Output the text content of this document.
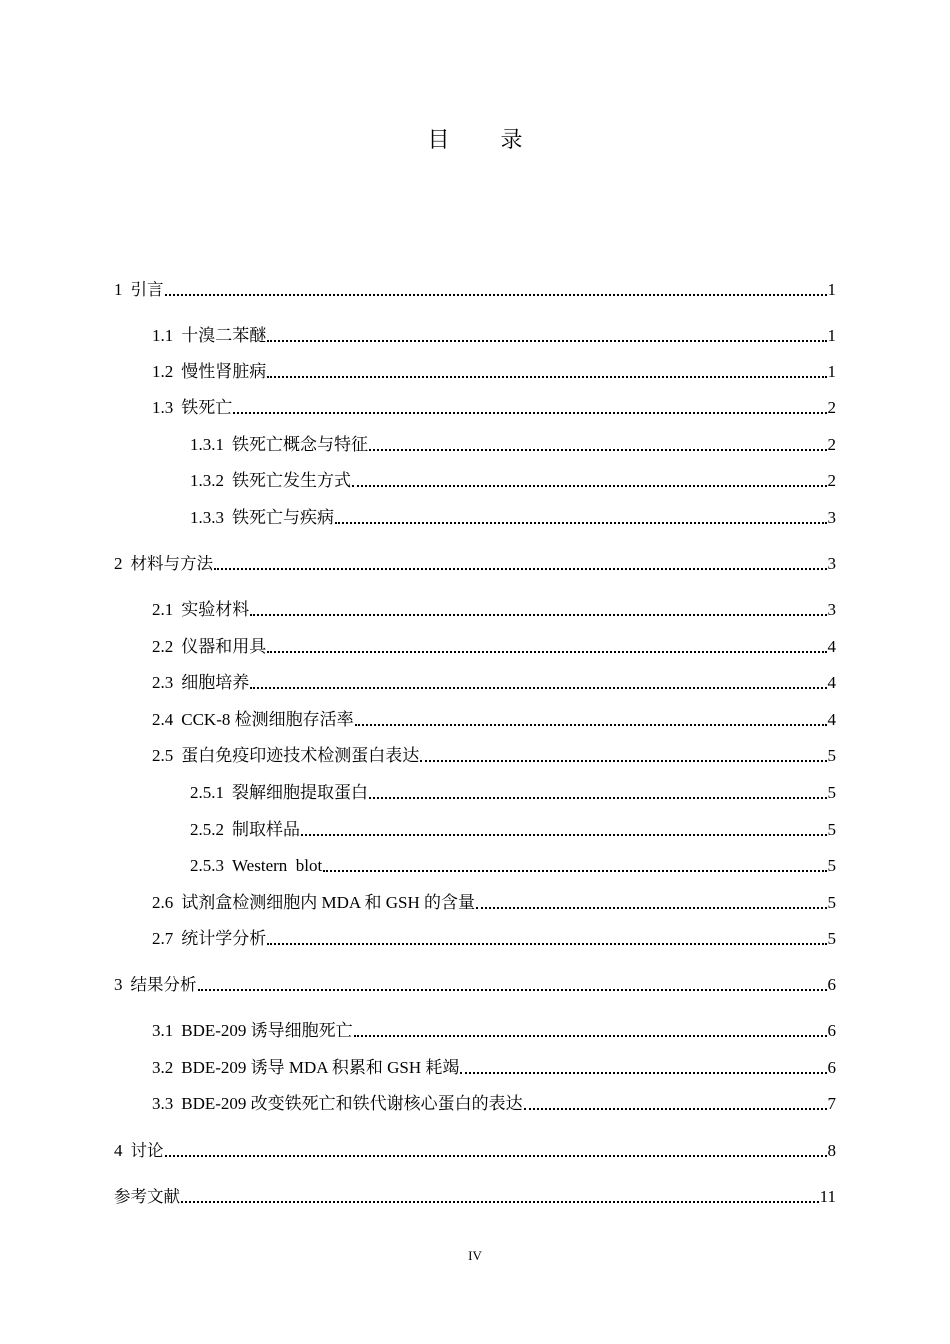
目 录
1 引言	1
1.1 十溴二苯醚	1
1.2 慢性肾脏病	1
1.3 铁死亡	2
1.3.1 铁死亡概念与特征	2
1.3.2 铁死亡发生方式	2
1.3.3 铁死亡与疾病	3
2 材料与方法	3
2.1 实验材料	3
2.2 仪器和用具	4
2.3 细胞培养	4
2.4 CCK-8 检测细胞存活率	4
2.5 蛋白免疫印迹技术检测蛋白表达	5
2.5.1 裂解细胞提取蛋白	5
2.5.2 制取样品	5
2.5.3 Western  blot	5
2.6 试剂盒检测细胞内 MDA 和 GSH 的含量	5
2.7 统计学分析	5
3 结果分析	6
3.1 BDE-209 诱导细胞死亡	6
3.2 BDE-209 诱导 MDA 积累和 GSH 耗竭	6
3.3 BDE-209 改变铁死亡和铁代谢核心蛋白的表达	7
4 讨论	8
参考文献	11
IV
